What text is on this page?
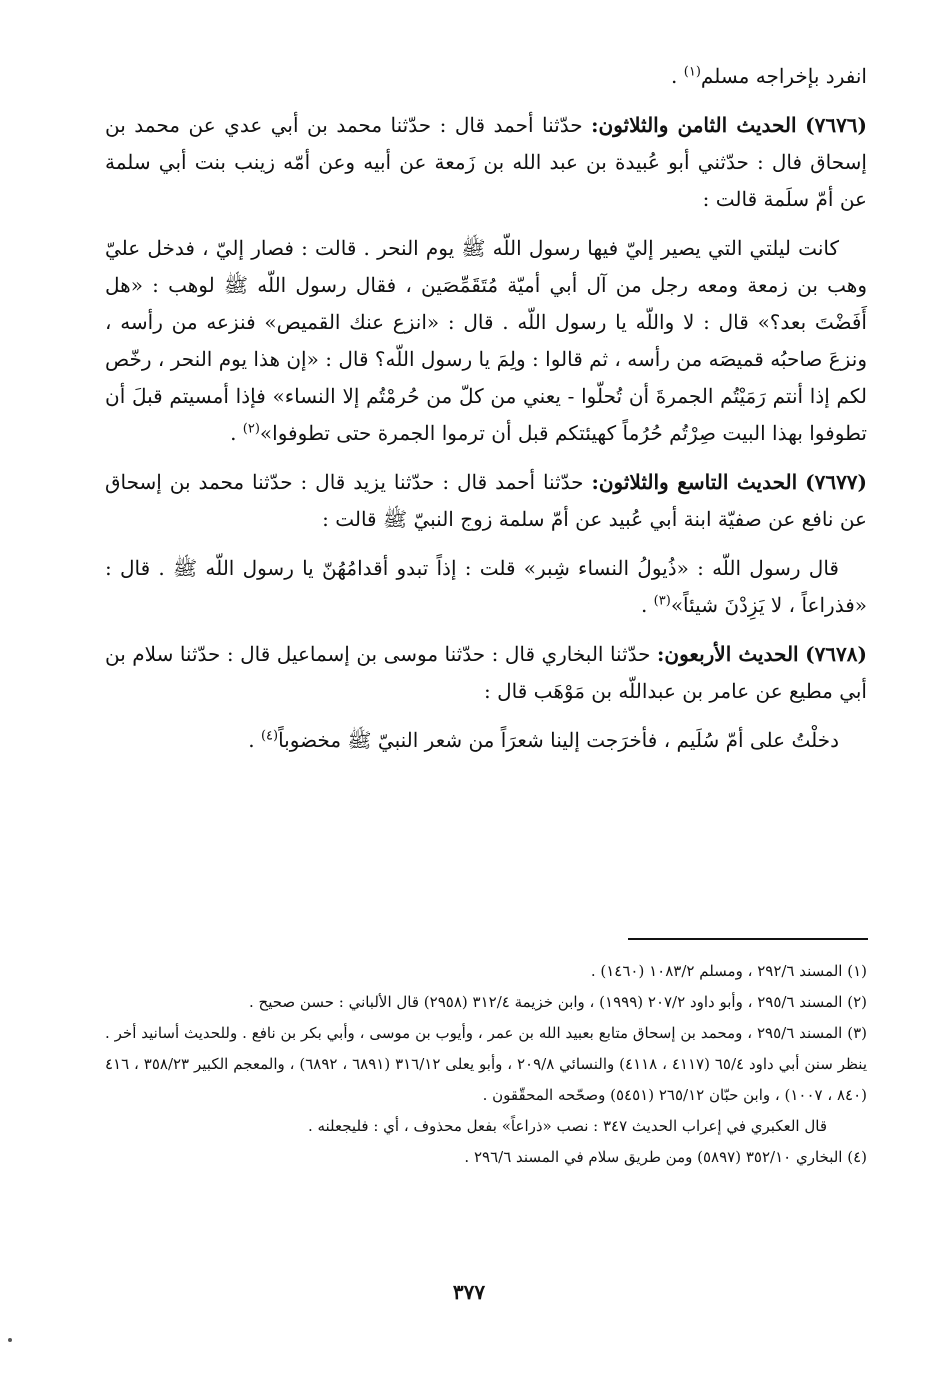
انفرد بإخراجه مسلم$^{(١)}$ .

(٧٦٧٦) الحديث الثامن والثلاثون: حدّثنا أحمد قال : حدّثنا محمد بن أبي عدي عن محمد بن إسحاق فال : حدّثني أبو عُبيدة بن عبد الله بن زَمعة عن أبيه وعن أمّه زينب بنت أبي سلمة عن أمّ سلَمة قالت :

كانت ليلتي التي يصير إليّ فيها رسول اللّه ﷺ يوم النحر . قالت : فصار إليّ ، فدخل عليّ وهب بن زمعة ومعه رجل من آل أبي أميّة مُتَقَمِّصَين ، فقال رسول اللّه ﷺ لوهب : «هل أَفَضْتَ بعد؟» قال : لا واللّه يا رسول اللّه . قال : «انزع عنك القميص» فنزعه من رأسه ، ونزعَ صاحبُه قميصَه من رأسه ، ثم قالوا : ولِمَ يا رسول اللّه؟ قال : «إن هذا يوم النحر ، رخّص لكم إذا أنتم رَمَيْتُم الجمرةَ أن تُحلّوا - يعني من كلّ من حُرمْتُم إلا النساء» فإذا أمسيتم قبلَ أن تطوفوا بهذا البيت صِرْتُم حُرُماً كهيئتكم قبل أن ترموا الجمرة حتى تطوفوا»$^{(٢)}$ .

(٧٦٧٧) الحديث التاسع والثلاثون: حدّثنا أحمد قال : حدّثنا يزيد قال : حدّثنا محمد بن إسحاق عن نافع عن صفيّة ابنة أبي عُبيد عن أمّ سلمة زوج النبيّ ﷺ قالت :

قال رسول اللّه : «ذُيولُ النساء شِبر» قلت : إذاً تبدو أقدامُهُنّ يا رسول اللّه ﷺ . قال : «فذراعاً ، لا يَزِدْنَ شيئاً»$^{(٣)}$ .

(٧٦٧٨) الحديث الأربعون: حدّثنا البخاري قال : حدّثنا موسى بن إسماعيل قال : حدّثنا سلام بن أبي مطيع عن عامر بن عبداللّه بن مَوْهَب قال :

دخلْتُ على أمّ سُلَيم ، فأخرَجت إلينا شعرَاً من شعر النبيّ ﷺ مخضوباً$^{(٤)}$ .

(١) المسند ٢٩٢/٦ ، ومسلم ١٠٨٣/٢ (١٤٦٠) .

(٢) المسند ٢٩٥/٦ ، وأبو داود ٢٠٧/٢ (١٩٩٩) ، وابن خزيمة ٣١٢/٤ (٢٩٥٨) قال الألباني : حسن صحيح .

(٣) المسند ٢٩٥/٦ ، ومحمد بن إسحاق متابع بعبيد الله بن عمر ، وأيوب بن موسى ، وأبي بكر بن نافع . وللحديث أسانيد أخر . ينظر سنن أبي داود ٦٥/٤ (٤١١٧ ، ٤١١٨) والنسائي ٢٠٩/٨ ، وأبو يعلى ٣١٦/١٢ (٦٨٩١ ، ٦٨٩٢) ، والمعجم الكبير ٣٥٨/٢٣ ، ٤١٦ (٨٤٠ ، ١٠٠٧) ، وابن حبّان ٢٦٥/١٢ (٥٤٥١) وصحّحه المحقّقون .

قال العكبري في إعراب الحديث ٣٤٧ : نصب «ذراعاً» بفعل محذوف ، أي : فليجعلنه .

(٤) البخاري ٣٥٢/١٠ (٥٨٩٧) ومن طريق سلام في المسند ٢٩٦/٦ .

٣٧٧
